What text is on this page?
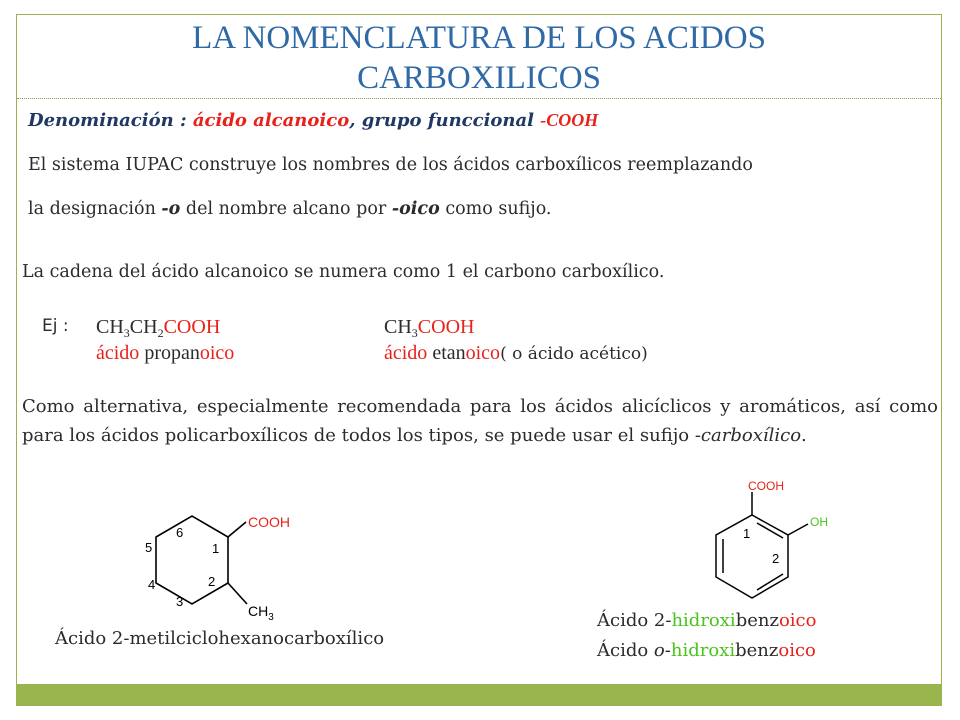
LA NOMENCLATURA DE LOS ACIDOS
CARBOXILICOS
Denominación : ácido alcanoico, grupo funccional -COOH
El sistema IUPAC construye los nombres de los ácidos carboxílicos reemplazando
la designación -o del nombre alcano por -oico como sufijo.
La cadena del ácido alcanoico se numera como 1 el carbono carboxílico.
Ej : $CH_3CH_2COOH$
ácido propanoico
$CH_3COOH$
ácido etanoico( o ácido acético)
Como alternativa, especialmente recomendada para los ácidos alicíclicos y aromáticos, así como para los ácidos policarboxílicos de todos los tipos, se puede usar el sufijo -carboxílico.
COOH
$CH_3$
1
2
3
4
5
6
Ácido 2-metilciclohexanocarboxílico
COOH
OH
1
2
Ácido 2-hidroxibenzoico
Ácido o-hidroxibenzoico
